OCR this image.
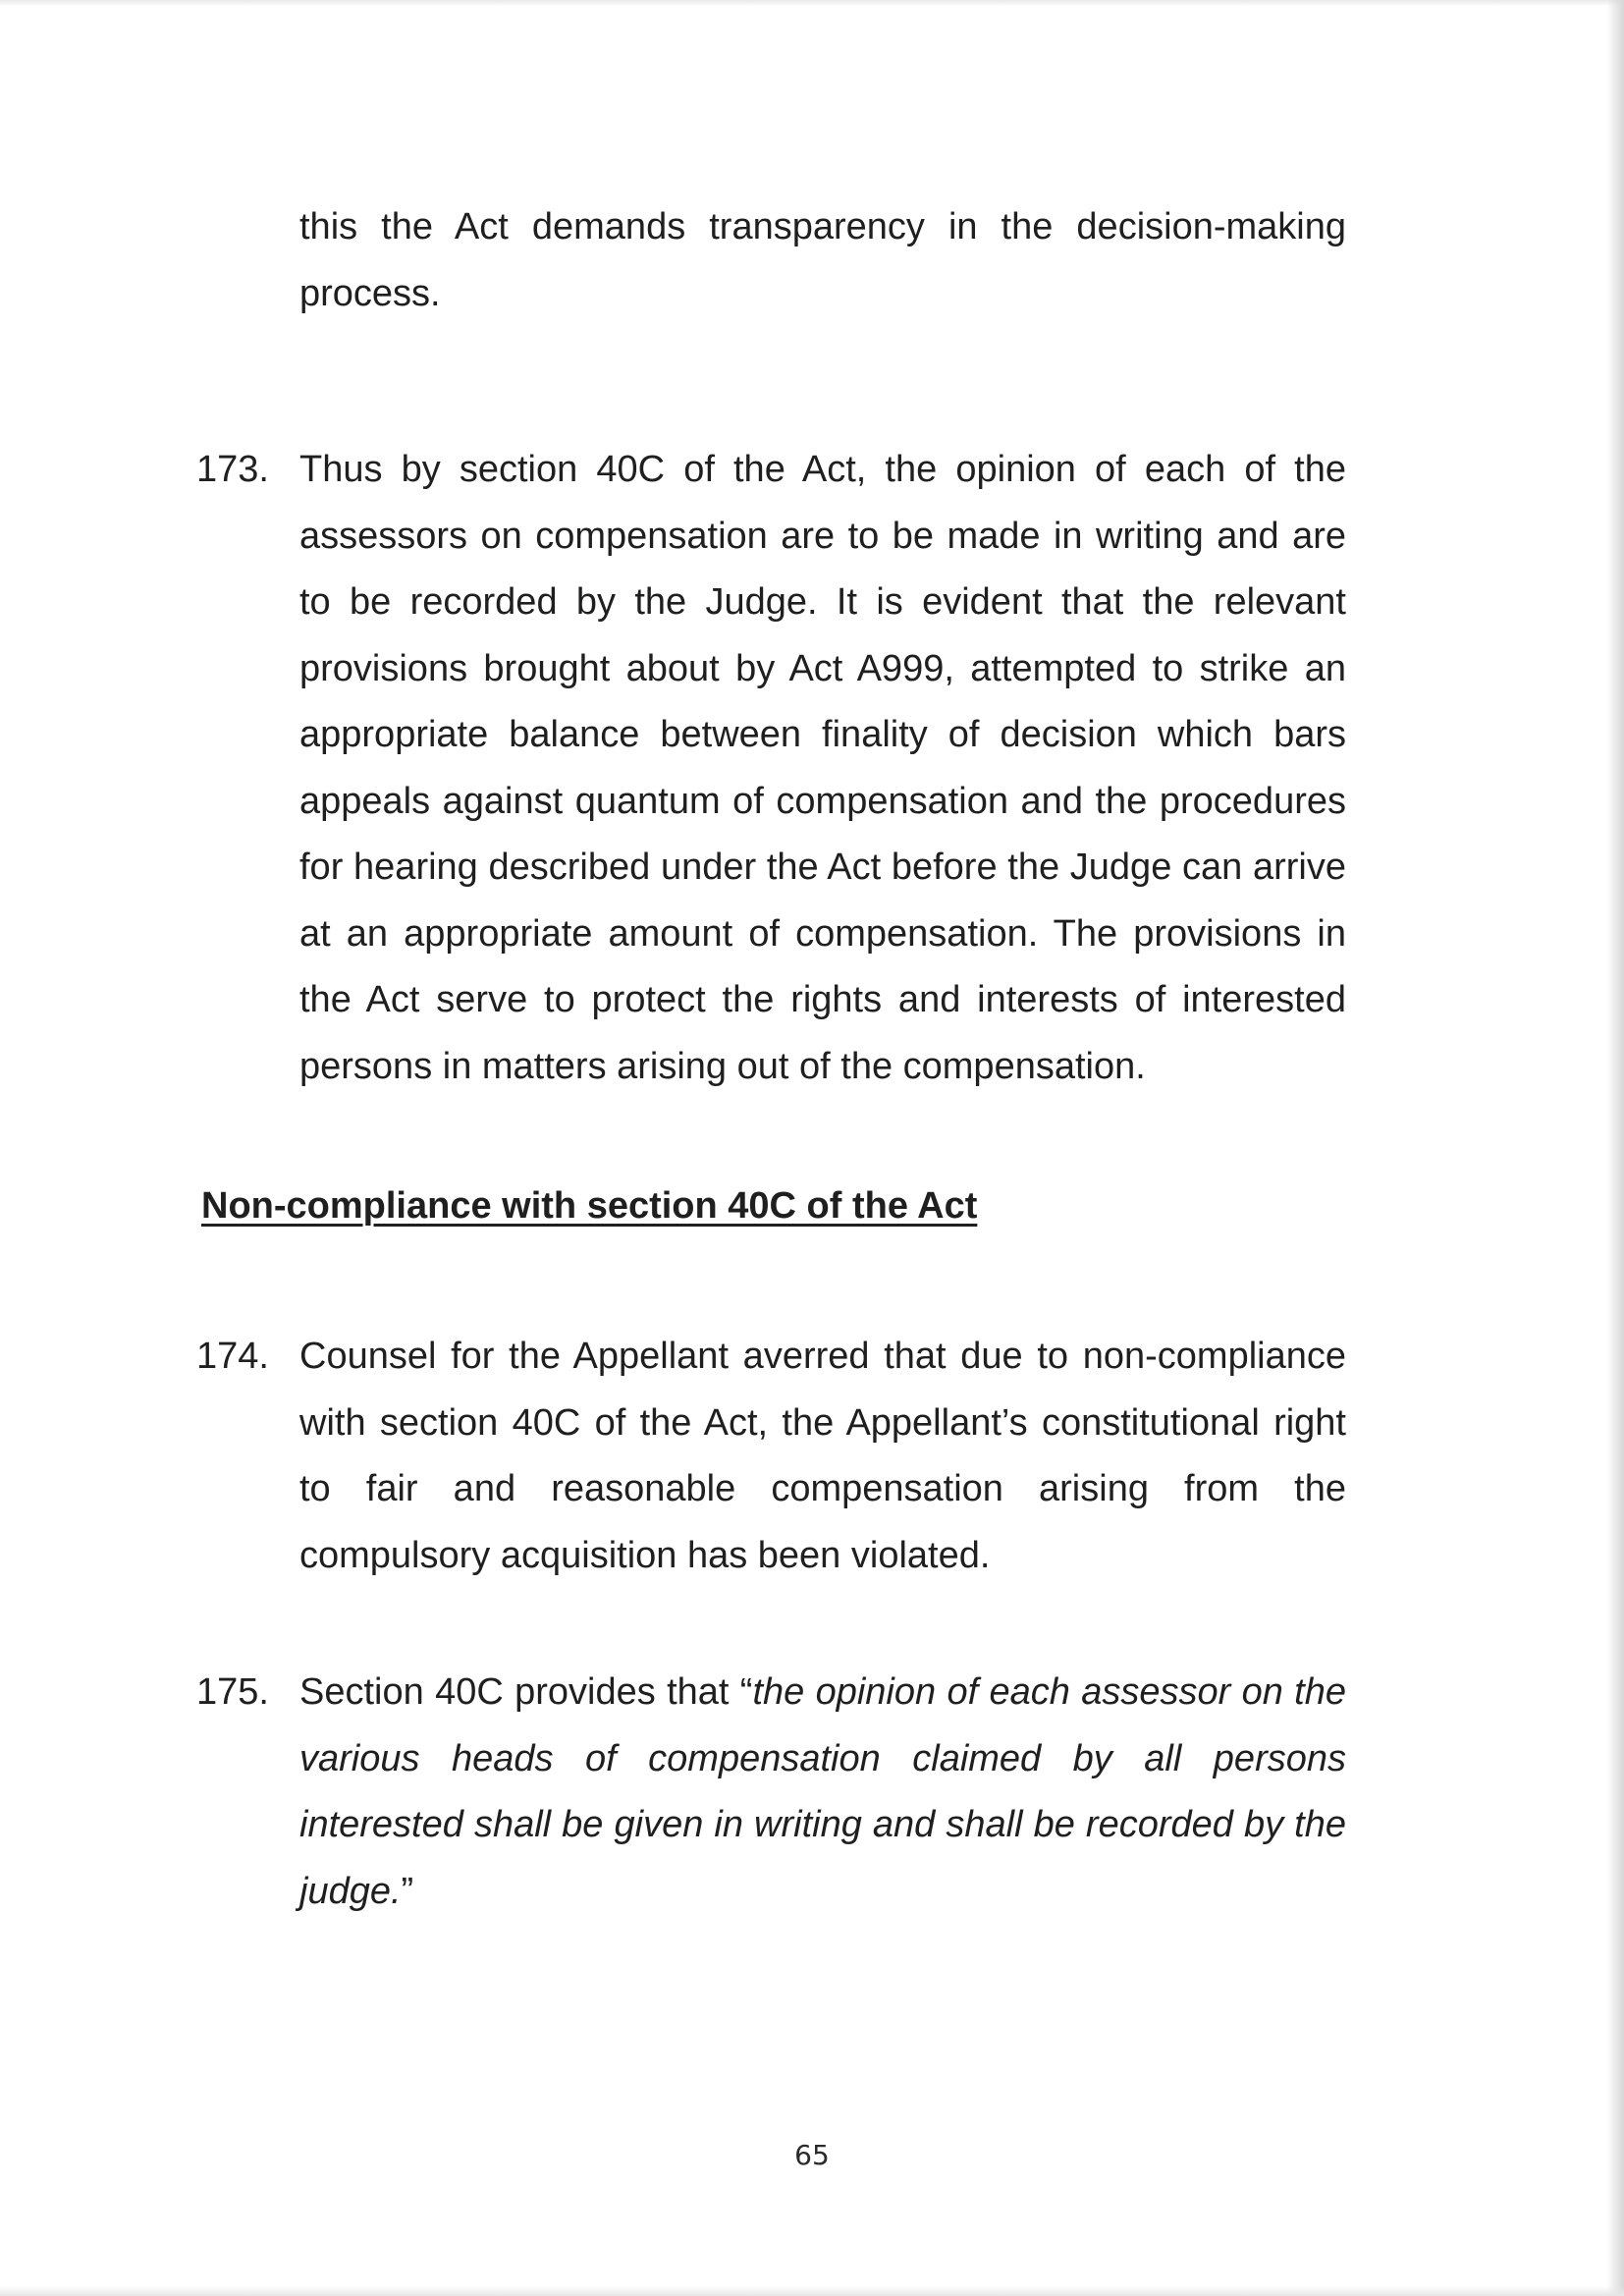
this the Act demands transparency in the decision-making
process.
173. Thus by section 40C of the Act, the opinion of each of the
assessors on compensation are to be made in writing and are
to be recorded by the Judge. It is evident that the relevant
provisions brought about by Act A999, attempted to strike an
appropriate balance between finality of decision which bars
appeals against quantum of compensation and the procedures
for hearing described under the Act before the Judge can arrive
at an appropriate amount of compensation. The provisions in
the Act serve to protect the rights and interests of interested
persons in matters arising out of the compensation.
Non-compliance with section 40C of the Act
174. Counsel for the Appellant averred that due to non-compliance
with section 40C of the Act, the Appellant’s constitutional right
to fair and reasonable compensation arising from the
compulsory acquisition has been violated.
175. Section 40C provides that “the opinion of each assessor on the
various heads of compensation claimed by all persons
interested shall be given in writing and shall be recorded by the
judge.”
65
